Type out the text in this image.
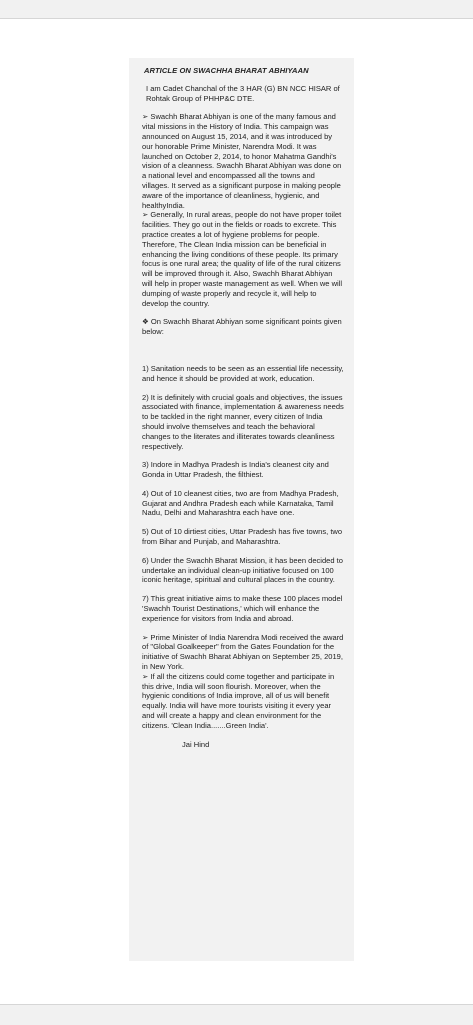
ARTICLE ON SWACHHA BHARAT ABHIYAAN
I am Cadet Chanchal of the 3 HAR (G) BN NCC HISAR of Rohtak Group of PHHP&C DTE.
➢ Swachh Bharat Abhiyan is one of the many famous and vital missions in the History of India. This campaign was announced on August 15, 2014, and it was introduced by our honorable Prime Minister, Narendra Modi. It was launched on October 2, 2014, to honor Mahatma Gandhi's vision of a cleanness. Swachh Bharat Abhiyan was done on a national level and encompassed all the towns and villages. It served as a significant purpose in making people aware of the importance of cleanliness, hygienic, and healthyIndia.
➢ Generally, In rural areas, people do not have proper toilet facilities. They go out in the fields or roads to excrete. This practice creates a lot of hygiene problems for people. Therefore, The Clean India mission can be beneficial in enhancing the living conditions of these people. Its primary focus is one rural area; the quality of life of the rural citizens will be improved through it. Also, Swachh Bharat Abhiyan will help in proper waste management as well. When we will dumping of waste properly and recycle it, will help to develop the country.
❖ On Swachh Bharat Abhiyan some significant points given below:
1) Sanitation needs to be seen as an essential life necessity, and hence it should be provided at work, education.
2) It is definitely with crucial goals and objectives, the issues associated with finance, implementation & awareness needs to be tackled in the right manner, every citizen of India should involve themselves and teach the behavioral changes to the literates and illiterates towards cleanliness respectively.
3) Indore in Madhya Pradesh is India's cleanest city and Gonda in Uttar Pradesh, the filthiest.
4) Out of 10 cleanest cities, two are from Madhya Pradesh, Gujarat and Andhra Pradesh each while Karnataka, Tamil Nadu, Delhi and Maharashtra each have one.
5) Out of 10 dirtiest cities, Uttar Pradesh has five towns, two from Bihar and Punjab, and Maharashtra.
6) Under the Swachh Bharat Mission, it has been decided to undertake an individual clean-up initiative focused on 100 iconic heritage, spiritual and cultural places in the country.
7) This great initiative aims to make these 100 places model 'Swachh Tourist Destinations,' which will enhance the experience for visitors from India and abroad.
➢ Prime Minister of India Narendra Modi received the award of "Global Goalkeeper" from the Gates Foundation for the initiative of Swachh Bharat Abhiyan on September 25, 2019, in New York.
➢ If all the citizens could come together and participate in this drive, India will soon flourish. Moreover, when the hygienic conditions of India improve, all of us will benefit equally. India will have more tourists visiting it every year and will create a happy and clean environment for the citizens. 'Clean India.......Green India'.
Jai Hind
